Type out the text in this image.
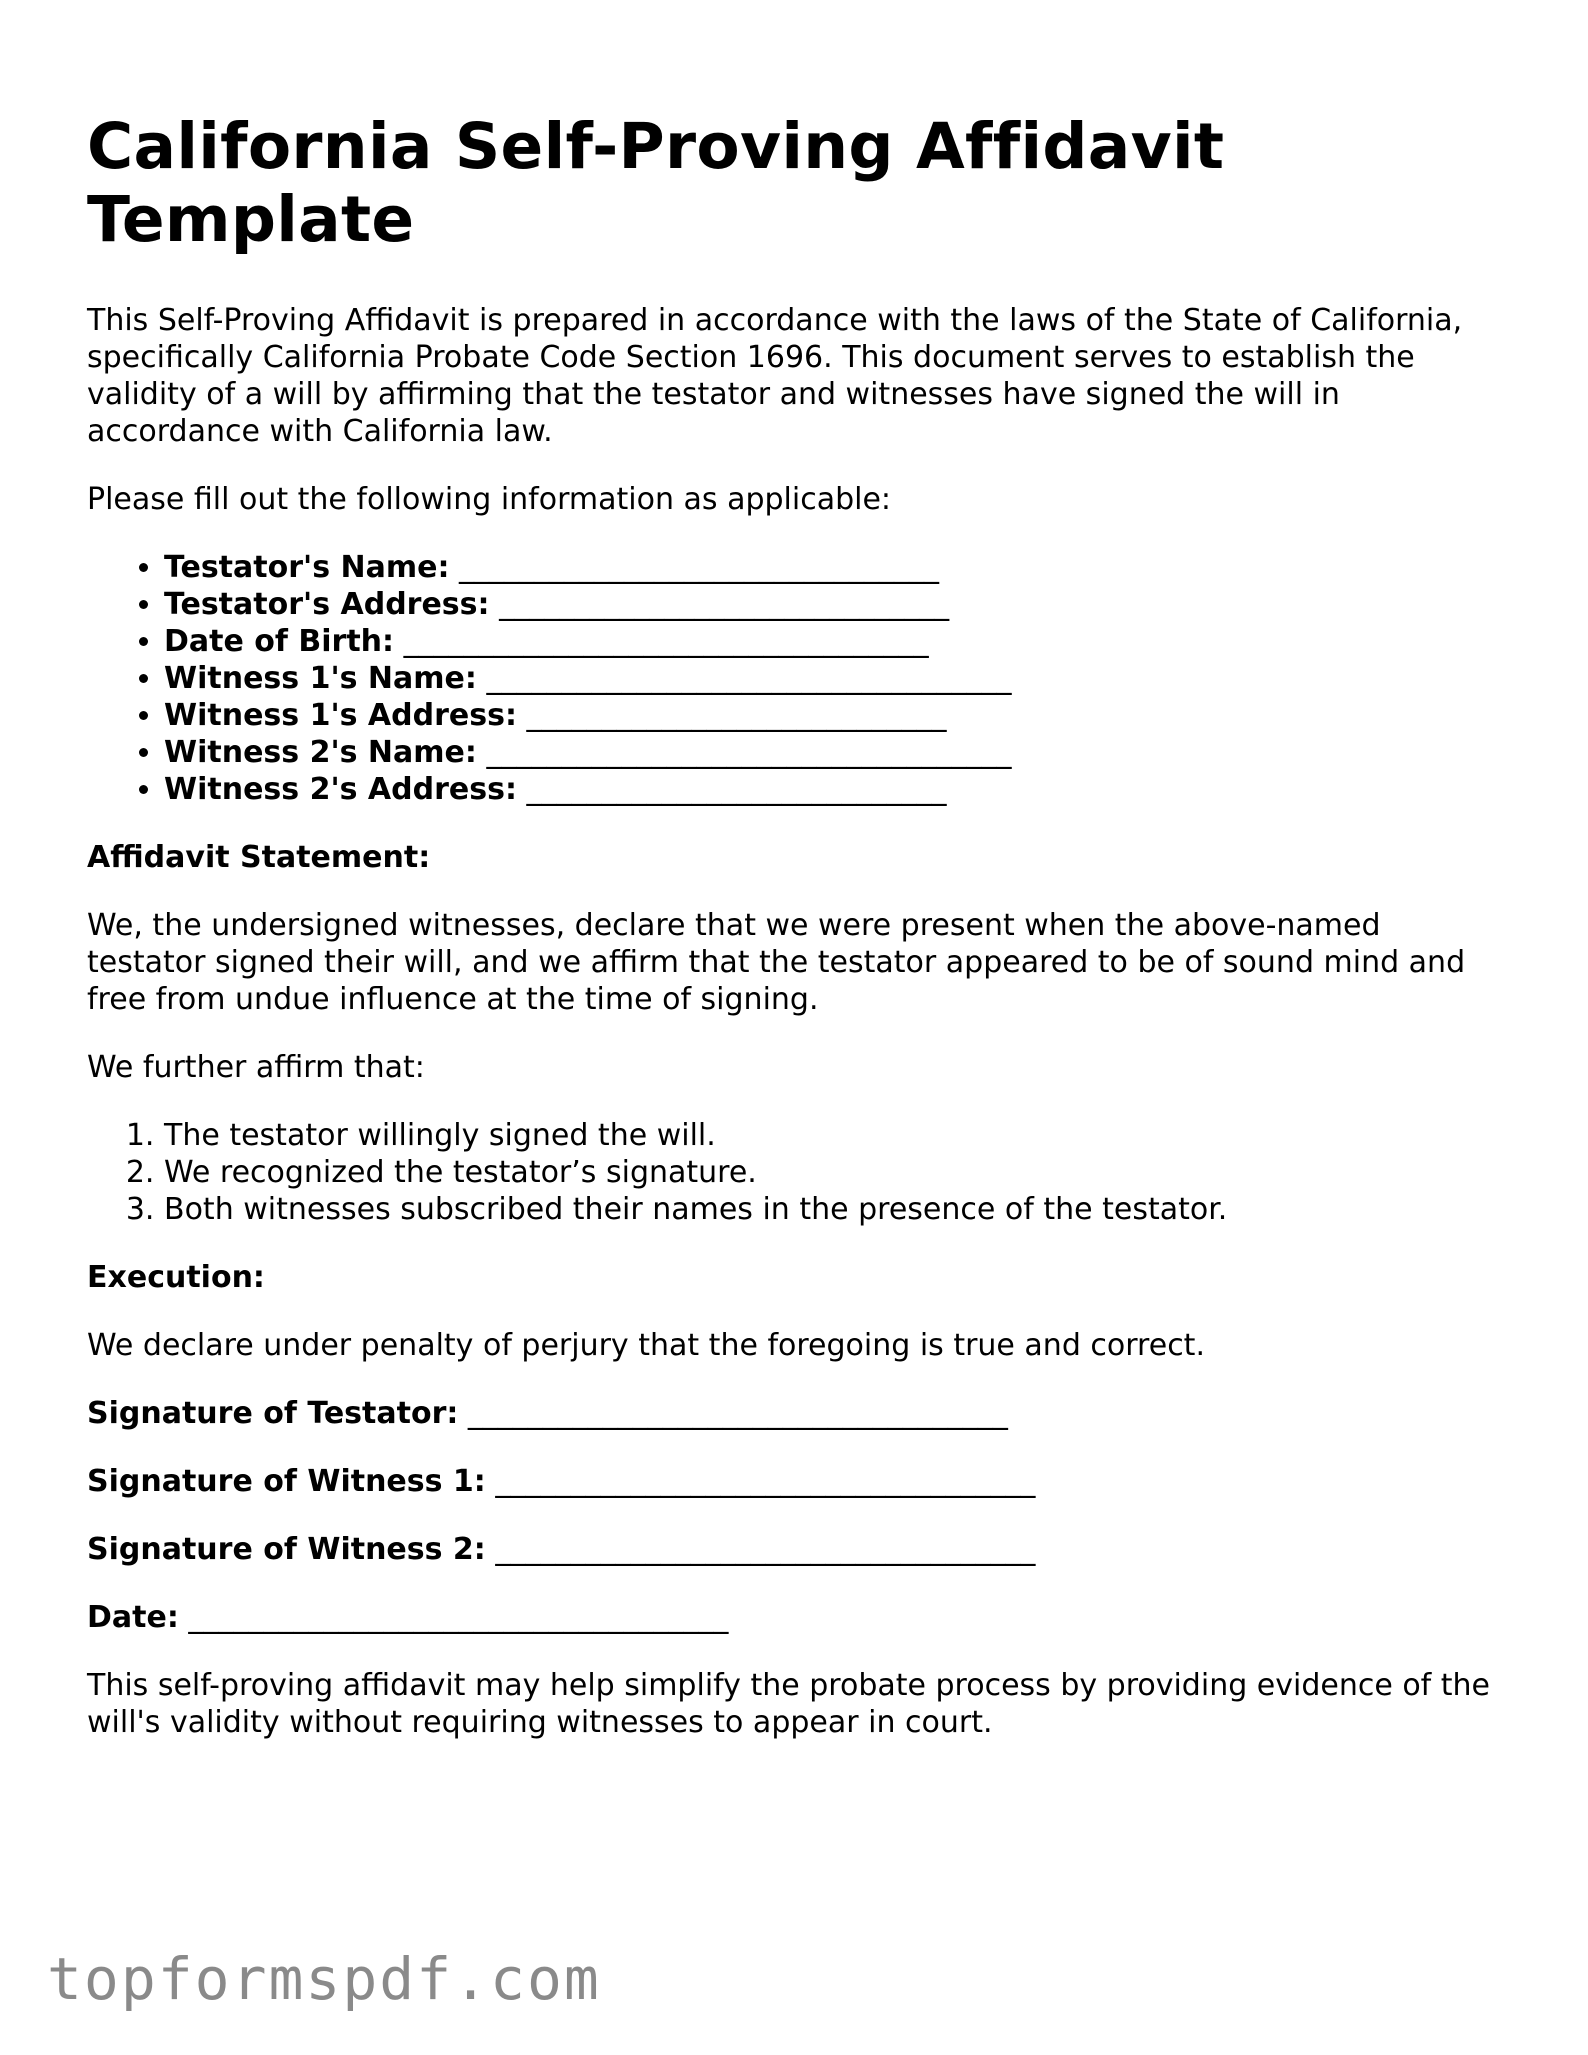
California Self-Proving Affidavit Template

This Self-Proving Affidavit is prepared in accordance with the laws of the State of California, specifically California Probate Code Section 1696. This document serves to establish the validity of a will by affirming that the testator and witnesses have signed the will in accordance with California law.

Please fill out the following information as applicable:

• Testator's Name: ________________________________
• Testator's Address: ______________________________
• Date of Birth: ___________________________________
• Witness 1's Name: ___________________________________
• Witness 1's Address: ____________________________
• Witness 2's Name: ___________________________________
• Witness 2's Address: ____________________________
Affidavit Statement:

We, the undersigned witnesses, declare that we were present when the above-named testator signed their will, and we affirm that the testator appeared to be of sound mind and free from undue influence at the time of signing.

We further affirm that:

1. The testator willingly signed the will.
2. We recognized the testator’s signature.
3. Both witnesses subscribed their names in the presence of the testator.
Execution:

We declare under penalty of perjury that the foregoing is true and correct.

Signature of Testator: ____________________________________
Signature of Witness 1: ____________________________________
Signature of Witness 2: ____________________________________
Date: ____________________________________

This self-proving affidavit may help simplify the probate process by providing evidence of the will's validity without requiring witnesses to appear in court.

topformspdf.com
